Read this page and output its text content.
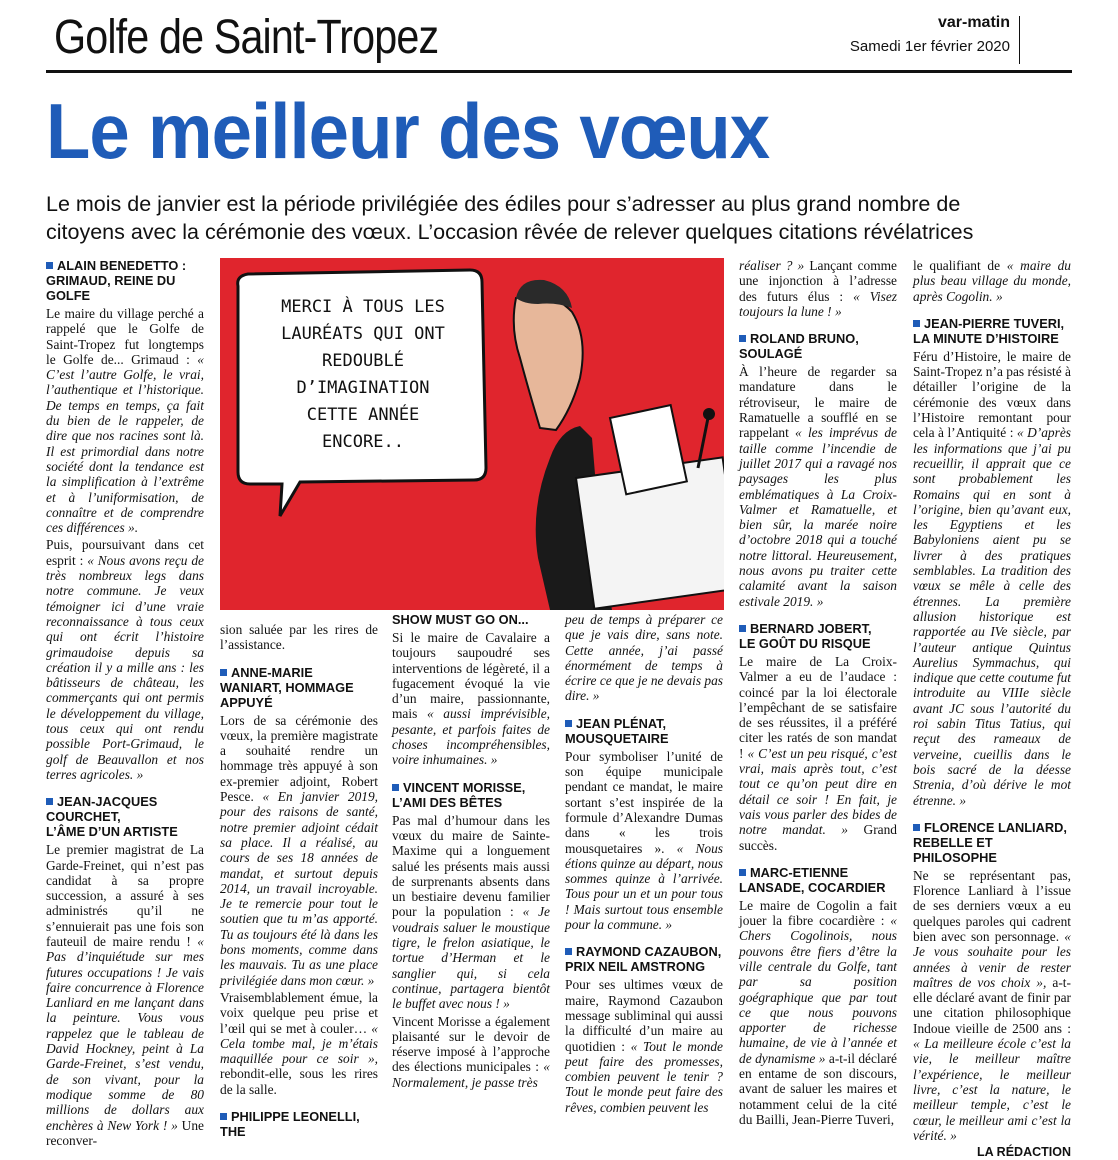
Golfe de Saint-Tropez	var-matin
Samedi 1er février 2020
Le meilleur des vœux
Le mois de janvier est la période privilégiée des édiles pour s’adresser au plus grand nombre de
citoyens avec la cérémonie des vœux. L’occasion rêvée de relever quelques citations révélatrices
ALAIN BENEDETTO :
GRIMAUD, REINE DU GOLFE

Le maire du village perché a rappelé que le Golfe de Saint-Tropez fut longtemps le Golfe de... Grimaud : « C’est l’autre Golfe, le vrai, l’authentique et l’historique. De temps en temps, ça fait du bien de le rappeler, de dire que nos racines sont là. Il est primordial dans notre société dont la tendance est la simplification à l’extrême et à l’uniformisation, de connaître et de comprendre ces différences ».

Puis, poursuivant dans cet esprit : « Nous avons reçu de très nombreux legs dans notre commune. Je veux témoigner ici d’une vraie reconnaissance à tous ceux qui ont écrit l’histoire grimaudoise depuis sa création il y a mille ans : les bâtisseurs de château, les commerçants qui ont permis le développement du village, tous ceux qui ont rendu possible Port-Grimaud, le golf de Beauvallon et nos terres agricoles. »

JEAN-JACQUES COURCHET,
L’ÂME D’UN ARTISTE

Le premier magistrat de La Garde-Freinet, qui n’est pas candidat à sa propre succession, a assuré à ses administrés qu’il ne s’ennuierait pas une fois son fauteuil de maire rendu ! « Pas d’inquiétude sur mes futures occupations ! Je vais faire concurrence à Florence Lanliard en me lançant dans la peinture. Vous vous rappelez que le tableau de David Hockney, peint à La Garde-Freinet, s’est vendu, de son vivant, pour la modique somme de 80 millions de dollars aux enchères à New York ! » Une reconver-

MERCI À TOUS LES
LAURÉATS QUI ONT
REDOUBLÉ
D’IMAGINATION
CETTE ANNÉE
ENCORE..

sion saluée par les rires de l’assistance.

ANNE-MARIE WANIART, HOMMAGE APPUYÉ

Lors de sa cérémonie des vœux, la première magistrate a souhaité rendre un hommage très appuyé à son ex-premier adjoint, Robert Pesce. « En janvier 2019, pour des raisons de santé, notre premier adjoint cédait sa place. Il a réalisé, au cours de ses 18 années de mandat, et surtout depuis 2014, un travail incroyable. Je te remercie pour tout le soutien que tu m’as apporté. Tu as toujours été là dans les bons moments, comme dans les mauvais. Tu as une place privilégiée dans mon cœur. »

Vraisemblablement émue, la voix quelque peu prise et l’œil qui se met à couler… « Cela tombe mal, je m’étais maquillée pour ce soir », rebondit-elle, sous les rires de la salle.

PHILIPPE LEONELLI, THE
SHOW MUST GO ON...

Si le maire de Cavalaire a toujours saupoudré ses interventions de légèreté, il a fugacement évoqué la vie d’un maire, passionnante, mais « aussi imprévisible, pesante, et parfois faites de choses incompréhensibles, voire inhumaines. »

VINCENT MORISSE,
L’AMI DES BÊTES

Pas mal d’humour dans les vœux du maire de Sainte-Maxime qui a longuement salué les présents mais aussi de surprenants absents dans un bestiaire devenu familier pour la population : « Je voudrais saluer le moustique tigre, le frelon asiatique, le tortue d’Herman et le sanglier qui, si cela continue, partagera bientôt le buffet avec nous ! »

Vincent Morisse a également plaisanté sur le devoir de réserve imposé à l’approche des élections municipales : « Normalement, je passe très

peu de temps à préparer ce que je vais dire, sans note. Cette année, j’ai passé énormément de temps à écrire ce que je ne devais pas dire. »

JEAN PLÉNAT, MOUSQUETAIRE

Pour symboliser l’unité de son équipe municipale pendant ce mandat, le maire sortant s’est inspirée de la formule d’Alexandre Dumas dans « les trois mousquetaires ». « Nous étions quinze au départ, nous sommes quinze à l’arrivée. Tous pour un et un pour tous ! Mais surtout tous ensemble pour la commune. »

RAYMOND CAZAUBON,
PRIX NEIL AMSTRONG

Pour ses ultimes vœux de maire, Raymond Cazaubon message subliminal qui aussi la difficulté d’un maire au quotidien : « Tout le monde peut faire des promesses, combien peuvent le tenir ? Tout le monde peut faire des rêves, combien peuvent les

réaliser ? » Lançant comme une injonction à l’adresse des futurs élus : « Visez toujours la lune ! »

ROLAND BRUNO,
SOULAGÉ

À l’heure de regarder sa mandature dans le rétroviseur, le maire de Ramatuelle a soufflé en se rappelant « les imprévus de taille comme l’incendie de juillet 2017 qui a ravagé nos paysages les plus emblématiques à La Croix-Valmer et Ramatuelle, et bien sûr, la marée noire d’octobre 2018 qui a touché notre littoral. Heureusement, nous avons pu traiter cette calamité avant la saison estivale 2019. »

BERNARD JOBERT,
LE GOÛT DU RISQUE

Le maire de La Croix-Valmer a eu de l’audace : coincé par la loi électorale l’empêchant de se satisfaire de ses réussites, il a préféré citer les ratés de son mandat ! « C’est un peu risqué, c’est vrai, mais après tout, c’est tout ce qu’on peut dire en détail ce soir ! En fait, je vais vous parler des bides de notre mandat. » Grand succès.

MARC-ETIENNE
LANSADE, COCARDIER

Le maire de Cogolin a fait jouer la fibre cocardière : « Chers Cogolinois, nous pouvons être fiers d’être la ville centrale du Golfe, tant par sa position goégraphique que par tout ce que nous pouvons apporter de richesse humaine, de vie à l’année et de dynamisme » a-t-il déclaré en entame de son discours, avant de saluer les maires et notamment celui de la cité du Bailli, Jean-Pierre Tuveri,

le qualifiant de « maire du plus beau village du monde, après Cogolin. »

JEAN-PIERRE TUVERI,
LA MINUTE D’HISTOIRE

Féru d’Histoire, le maire de Saint-Tropez n’a pas résisté à détailler l’origine de la cérémonie des vœux dans l’Histoire remontant pour cela à l’Antiquité : « D’après les informations que j’ai pu recueillir, il apprait que ce sont probablement les Romains qui en sont à l’origine, bien qu’avant eux, les Egyptiens et les Babyloniens aient pu se livrer à des pratiques semblables. La tradition des vœux se mêle à celle des étrennes. La première allusion historique est rapportée au IVe siècle, par l’auteur antique Quintus Aurelius Symmachus, qui indique que cette coutume fut introduite au VIIIe siècle avant JC sous l’autorité du roi sabin Titus Tatius, qui reçut des rameaux de verveine, cueillis dans le bois sacré de la déesse Strenia, d’où dérive le mot étrenne. »

FLORENCE LANLIARD,
REBELLE ET PHILOSOPHE

Ne se représentant pas, Florence Lanliard à l’issue de ses derniers vœux a eu quelques paroles qui cadrent bien avec son personnage. « Je vous souhaite pour les années à venir de rester maîtres de vos choix », a-t-elle déclaré avant de finir par une citation philosophique Indoue vieille de 2500 ans : « La meilleure école c’est la vie, le meilleur maître l’expérience, le meilleur livre, c’est la nature, le meilleur temple, c’est le cœur, le meilleur ami c’est la vérité. »

LA RÉDACTION
